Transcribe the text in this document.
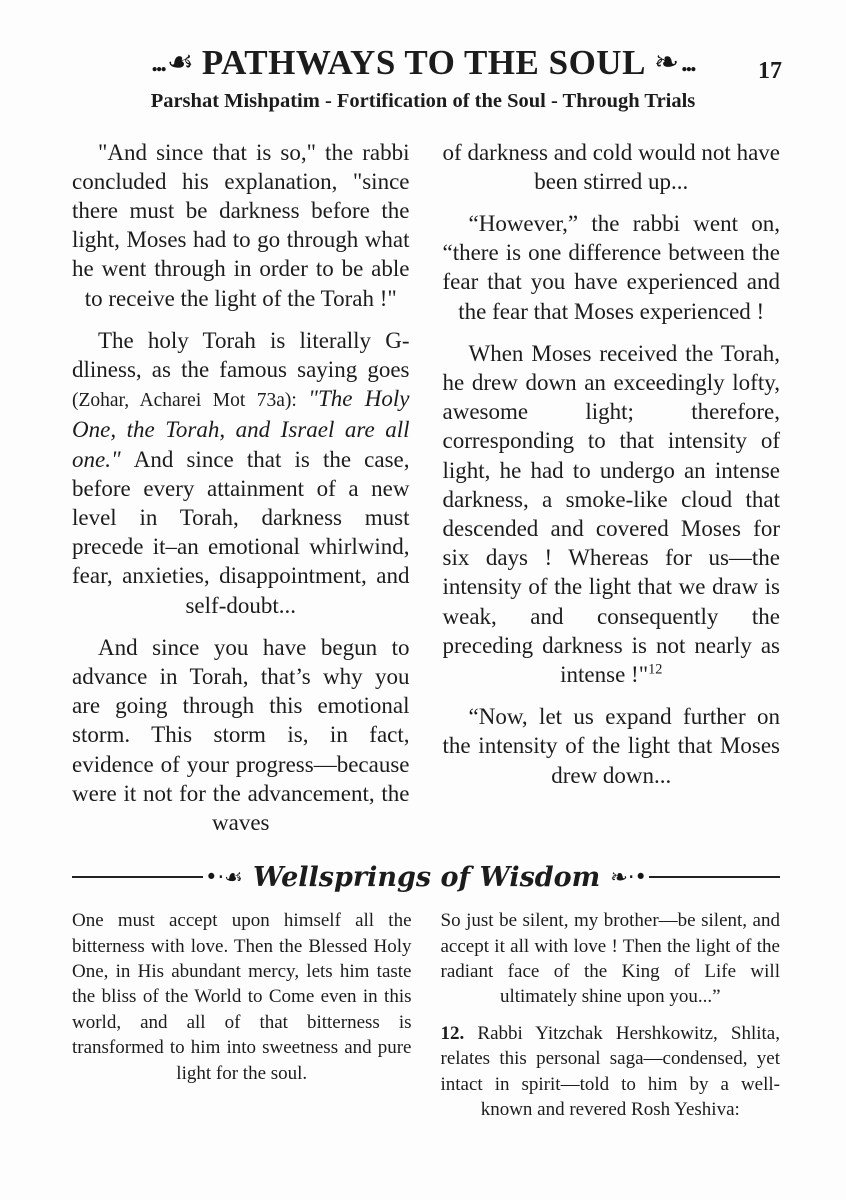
... ☙ PATHWAYS TO THE SOUL ❧ ...	17
Parshat Mishpatim - Fortification of the Soul - Through Trials

"And since that is so," the rabbi concluded his explanation, "since there must be darkness before the light, Moses had to go through what he went through in order to be able to receive the light of the Torah !"

The holy Torah is literally G-dliness, as the famous saying goes (Zohar, Acharei Mot 73a): "The Holy One, the Torah, and Israel are all one." And since that is the case, before every attainment of a new level in Torah, darkness must precede it–an emotional whirlwind, fear, anxieties, disappointment, and self-doubt...

And since you have begun to advance in Torah, that’s why you are going through this emotional storm. This storm is, in fact, evidence of your progress—because were it not for the advancement, the waves

of darkness and cold would not have been stirred up...

“However,” the rabbi went on, “there is one difference between the fear that you have experienced and the fear that Moses experienced !

When Moses received the Torah, he drew down an exceedingly lofty, awesome light; therefore, corresponding to that intensity of light, he had to undergo an intense darkness, a smoke-like cloud that descended and covered Moses for six days ! Whereas for us—the intensity of the light that we draw is weak, and consequently the preceding darkness is not nearly as intense !"$^{12}$

“Now, let us expand further on the intensity of the light that Moses drew down...

•·☙ Wellsprings of Wisdom ❧·•

One must accept upon himself all the bitterness with love. Then the Blessed Holy One, in His abundant mercy, lets him taste the bliss of the World to Come even in this world, and all of that bitterness is transformed to him into sweetness and pure light for the soul.

So just be silent, my brother—be silent, and accept it all with love ! Then the light of the radiant face of the King of Life will ultimately shine upon you...”

12. Rabbi Yitzchak Hershkowitz, Shlita, relates this personal saga—condensed, yet intact in spirit—told to him by a well-known and revered Rosh Yeshiva:
